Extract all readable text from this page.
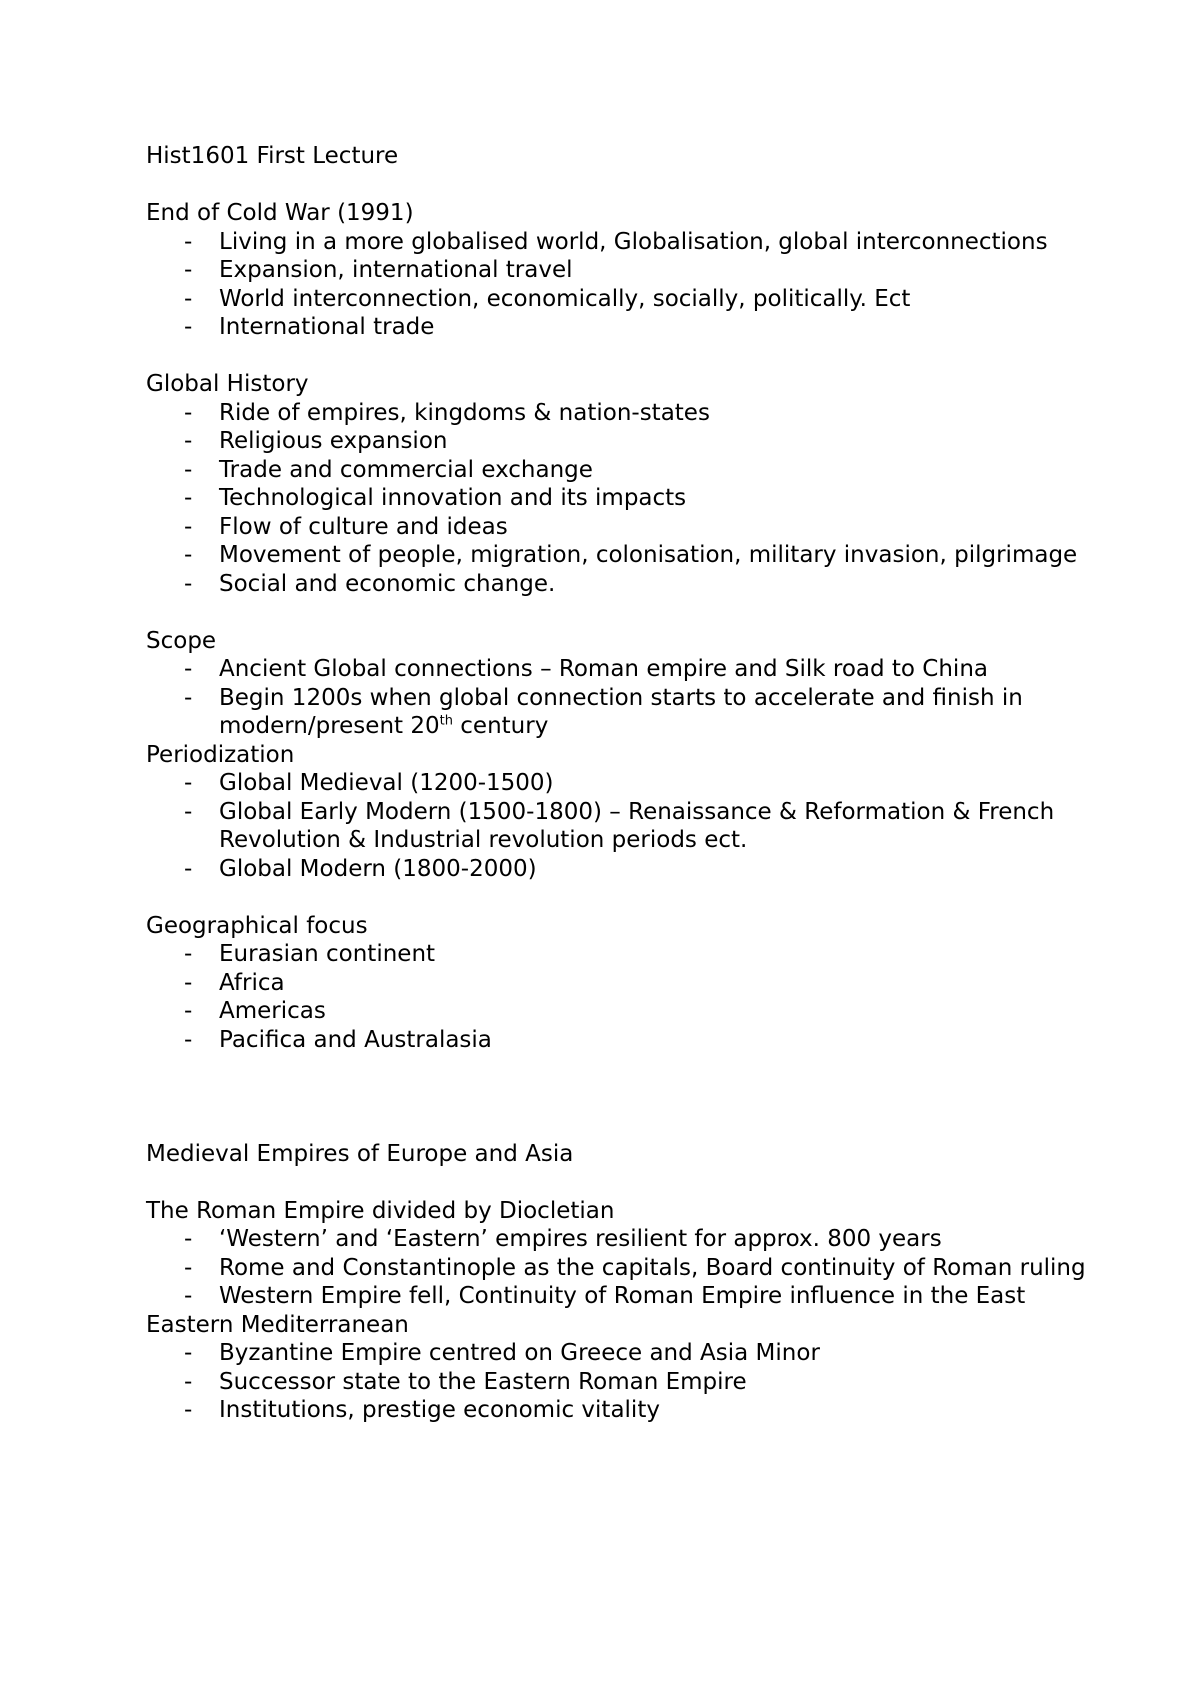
Hist1601 First Lecture

End of Cold War (1991)

- Living in a more globalised world, Globalisation, global interconnections
- Expansion, international travel
- World interconnection, economically, socially, politically. Ect
- International trade

Global History

- Ride of empires, kingdoms & nation-states
- Religious expansion
- Trade and commercial exchange
- Technological innovation and its impacts
- Flow of culture and ideas
- Movement of people, migration, colonisation, military invasion, pilgrimage
- Social and economic change.

Scope

- Ancient Global connections – Roman empire and Silk road to China
- Begin 1200s when global connection starts to accelerate and finish in modern/present 20th century

Periodization

- Global Medieval (1200-1500)
- Global Early Modern (1500-1800) – Renaissance & Reformation & French Revolution & Industrial revolution periods ect.
- Global Modern (1800-2000)

Geographical focus

- Eurasian continent
- Africa
- Americas
- Pacifica and Australasia

Medieval Empires of Europe and Asia

The Roman Empire divided by Diocletian

- ‘Western’ and ‘Eastern’ empires resilient for approx. 800 years
- Rome and Constantinople as the capitals, Board continuity of Roman ruling
- Western Empire fell, Continuity of Roman Empire influence in the East

Eastern Mediterranean

- Byzantine Empire centred on Greece and Asia Minor
- Successor state to the Eastern Roman Empire
- Institutions, prestige economic vitality
